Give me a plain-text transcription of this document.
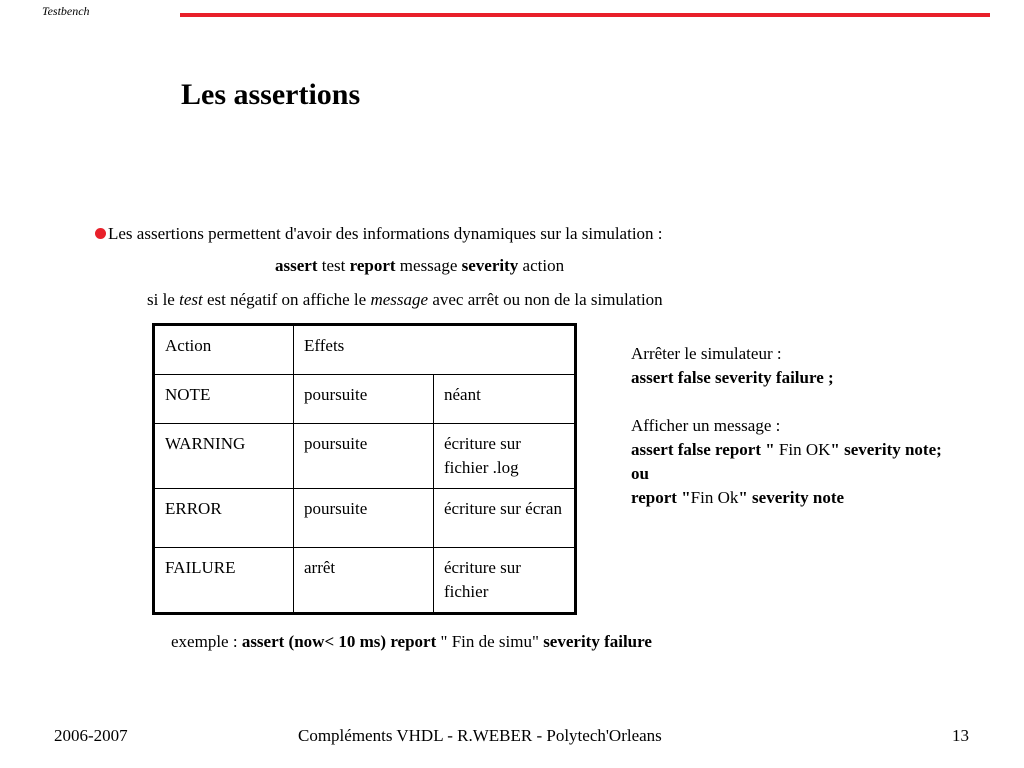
Testbench
Les assertions
Les assertions permettent d'avoir des informations dynamiques sur la simulation :
assert test report message severity action
si le test est négatif on affiche le message avec arrêt ou non de la simulation
Action	Effets	
NOTE	poursuite	néant
WARNING	poursuite	écriture sur fichier .log
ERROR	poursuite	écriture sur écran
FAILURE	arrêt	écriture sur fichier
Arrêter le simulateur :
assert false severity failure ;
Afficher un message :
assert false report " Fin OK" severity note;
ou
report "Fin Ok" severity note
exemple : assert (now< 10 ms) report " Fin de simu" severity failure
2006-2007	Compléments VHDL - R.WEBER - Polytech'Orleans	13
